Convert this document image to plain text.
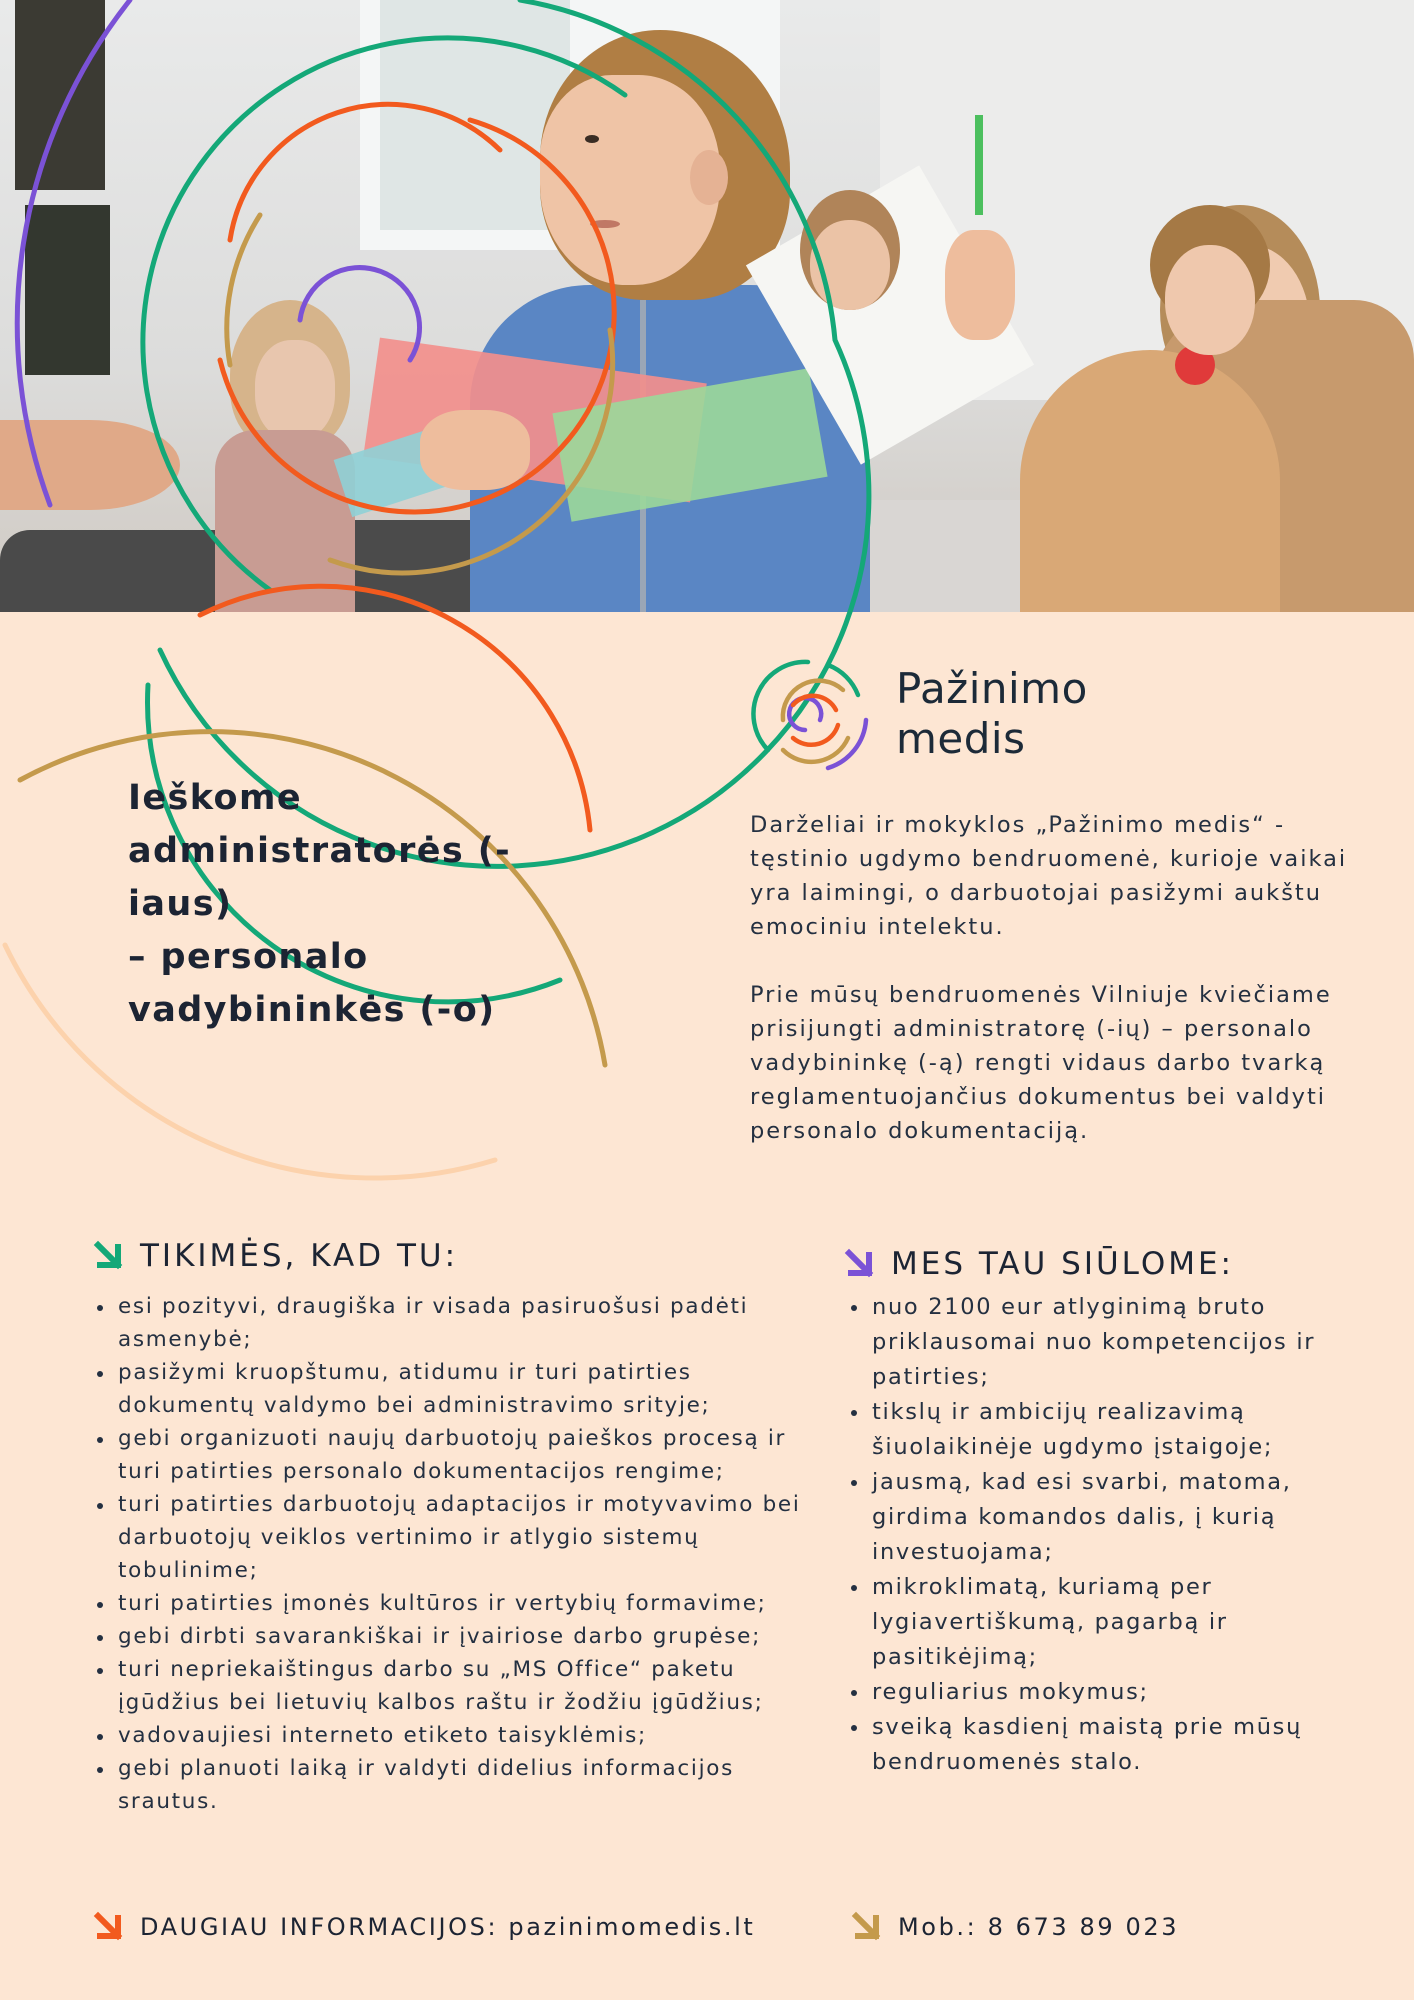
Pažinimo
medis
Ieškome
administratorės (-iaus)
– personalo
vadybininkės (-o)

Darželiai ir mokyklos „Pažinimo medis“ - tęstinio ugdymo bendruomenė, kurioje vaikai yra laimingi, o darbuotojai pasižymi aukštu emociniu intelektu.

Prie mūsų bendruomenės Vilniuje kviečiame prisijungti administratorę (-ių) – personalo vadybininkę (-ą) rengti vidaus darbo tvarką reglamentuojančius dokumentus bei valdyti personalo dokumentaciją.

TIKIMĖS, KAD TU:
esi pozityvi, draugiška ir visada pasiruošusi padėti asmenybė;
pasižymi kruopštumu, atidumu ir turi patirties dokumentų valdymo bei administravimo srityje;
gebi organizuoti naujų darbuotojų paieškos procesą ir turi patirties personalo dokumentacijos rengime;
turi patirties darbuotojų adaptacijos ir motyvavimo bei darbuotojų veiklos vertinimo ir atlygio sistemų tobulinime;
turi patirties įmonės kultūros ir vertybių formavime;
gebi dirbti savarankiškai ir įvairiose darbo grupėse;
turi nepriekaištingus darbo su „MS Office“ paketu įgūdžius bei lietuvių kalbos raštu ir žodžiu įgūdžius;
vadovaujiesi interneto etiketo taisyklėmis;
gebi planuoti laiką ir valdyti didelius informacijos srautus.
MES TAU SIŪLOME:
nuo 2100 eur atlyginimą bruto priklausomai nuo kompetencijos ir patirties;
tikslų ir ambicijų realizavimą šiuolaikinėje ugdymo įstaigoje;
jausmą, kad esi svarbi, matoma, girdima komandos dalis, į kurią investuojama;
mikroklimatą, kuriamą per lygiavertiškumą, pagarbą ir pasitikėjimą;
reguliarius mokymus;
sveiką kasdienį maistą prie mūsų bendruomenės stalo.
DAUGIAU INFORMACIJOS: pazinimomedis.lt	Mob.: 8 673 89 023
